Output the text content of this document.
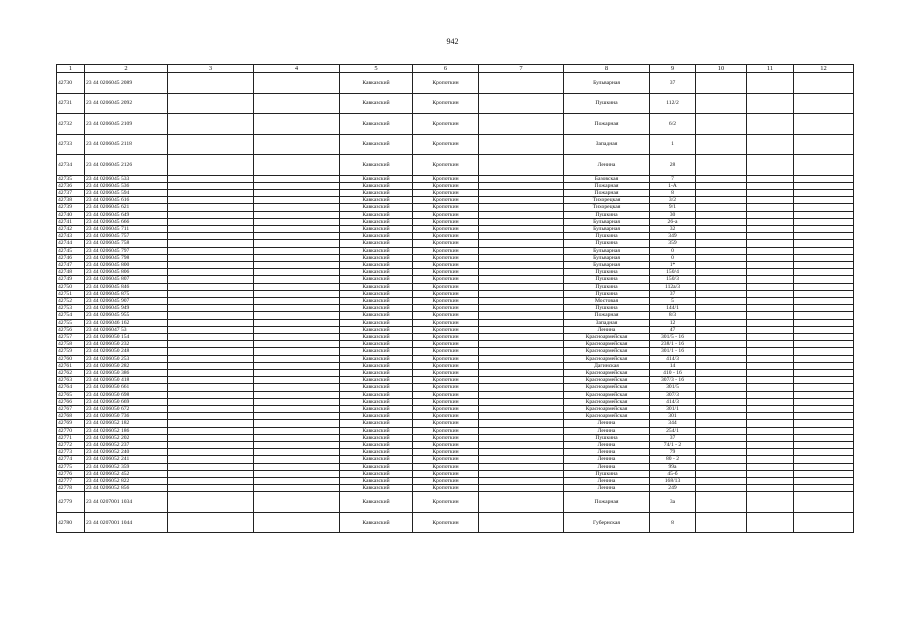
942
1	2	3	4	5	6	7	8	9	10	11	12
42730	23 44 0206045 2089			Кавказский	Кропоткин		Бульварная	37			
42731	23 44 0206045 2092			Кавказский	Кропоткин		Пушкина	112/2			
42732	23 44 0206045 2109			Кавказский	Кропоткин		Пожарная	6/2			
42733	23 44 0206045 2118			Кавказский	Кропоткин		Западная	1			
42734	23 44 0206045 2126			Кавказский	Кропоткин		Ленина	28			
42735	23 44 0206045 533			Кавказский	Кропоткин		Базовская	7			
42736	23 44 0206045 536			Кавказский	Кропоткин		Пожарная	1-А			
42737	23 44 0206045 594			Кавказский	Кропоткин		Пожарная	8			
42738	23 44 0206045 616			Кавказский	Кропоткин		Тихорецкая	3/2			
42739	23 44 0206045 621			Кавказский	Кропоткин		Тихорецкая	9/1			
42740	23 44 0206045 649			Кавказский	Кропоткин		Пушкина	30			
42741	23 44 0206045 666			Кавказский	Кропоткин		Бульварная	26-а			
42742	23 44 0206045 711			Кавказский	Кропоткин		Бульварная	32			
42743	23 44 0206045 757			Кавказский	Кропоткин		Пушкина	349			
42744	23 44 0206045 758			Кавказский	Кропоткин		Пушкина	359			
42745	23 44 0206045 797			Кавказский	Кропоткин		Бульварная	0			
42746	23 44 0206045 798			Кавказский	Кропоткин		Бульварная	0			
42747	23 44 0206045 800			Кавказский	Кропоткин		Бульварная	1*			
42748	23 44 0206045 806			Кавказский	Кропоткин		Пушкина	150/4			
42749	23 44 0206045 807			Кавказский	Кропоткин		Пушкина	150/3			
42750	23 44 0206045 846			Кавказский	Кропоткин		Пушкина	112а/3			
42751	23 44 0206045 875			Кавказский	Кропоткин		Пушкина	37			
42752	23 44 0206045 907			Кавказский	Кропоткин		Мостовая	5			
42753	23 44 0206045 949			Кавказский	Кропоткин		Пушкина	144/1			
42754	23 44 0206045 955			Кавказский	Кропоткин		Пожарная	8/3			
42755	23 44 0206046 162			Кавказский	Кропоткин		Западная	12			
42756	23 44 0206047 53			Кавказский	Кропоткин		Ленина	47			
42757	23 44 0206050 154			Кавказский	Кропоткин		Красноармейская	301/5 - 16			
42758	23 44 0206050 232			Кавказский	Кропоткин		Красноармейская	238/1 - 16			
42759	23 44 0206050 248			Кавказский	Кропоткин		Красноармейская	301/1 - 16			
42760	23 44 0206050 253			Кавказский	Кропоткин		Красноармейская	414/3			
42761	23 44 0206050 282			Кавказский	Кропоткин		Дагинская	14			
42762	23 44 0206050 386			Кавказский	Кропоткин		Красноармейская	410 - 16			
42763	23 44 0206050 418			Кавказский	Кропоткин		Красноармейская	307/3 - 16			
42764	23 44 0206050 661			Кавказский	Кропоткин		Красноармейская	301/5			
42765	23 44 0206050 698			Кавказский	Кропоткин		Красноармейская	307/3			
42766	23 44 0206050 669			Кавказский	Кропоткин		Красноармейская	414/3			
42767	23 44 0206050 672			Кавказский	Кропоткин		Красноармейская	301/1			
42768	23 44 0206050 736			Кавказский	Кропоткин		Красноармейская	301			
42769	23 44 0206052 182			Кавказский	Кропоткин		Ленина	344			
42770	23 44 0206052 186			Кавказский	Кропоткин		Ленина	254/1			
42771	23 44 0206052 202			Кавказский	Кропоткин		Пушкина	37			
42772	23 44 0206052 237			Кавказский	Кропоткин		Ленина	74/1 - 2			
42773	23 44 0206052 240			Кавказский	Кропоткин		Ленина	79			
42774	23 44 0206052 241			Кавказский	Кропоткин		Ленина	80 - 2			
42775	23 44 0206052 359			Кавказский	Кропоткин		Ленина	99а			
42776	23 44 0206052 452			Кавказский	Кропоткин		Пушкина	45-б			
42777	23 44 0206052 822			Кавказский	Кропоткин		Ленина	168/13			
42778	23 44 0206052 856			Кавказский	Кропоткин		Ленина	249			
42779	23 44 0207001 1034			Кавказский	Кропоткин		Пожарная	3а			
42780	23 44 0207001 1044			Кавказский	Кропоткин		Губернская	8			
